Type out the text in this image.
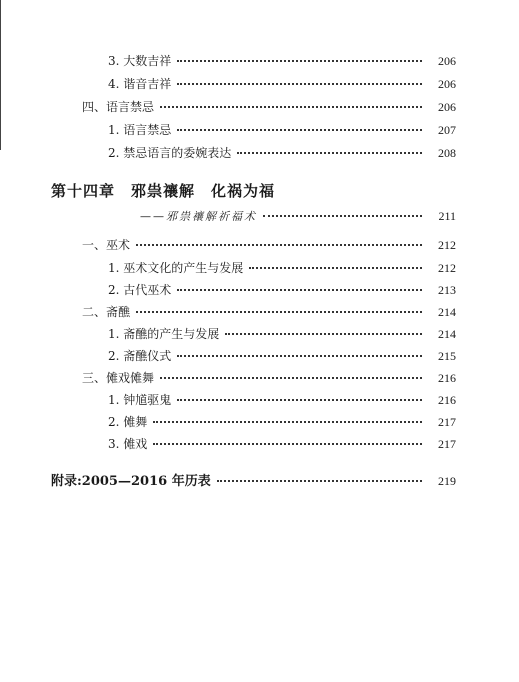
3. 大数吉祥	206
4. 谐音吉祥	206
四、语言禁忌	206
1. 语言禁忌	207
2. 禁忌语言的委婉表达	208
第十四章　邪祟禳解　化祸为福
——邪祟禳解祈福术	211
一、巫术	212
1. 巫术文化的产生与发展	212
2. 古代巫术	213
二、斋醮	214
1. 斋醮的产生与发展	214
2. 斋醮仪式	215
三、傩戏傩舞	216
1. 钟馗驱鬼	216
2. 傩舞	217
3. 傩戏	217
附录:2005—2016 年历表	219
